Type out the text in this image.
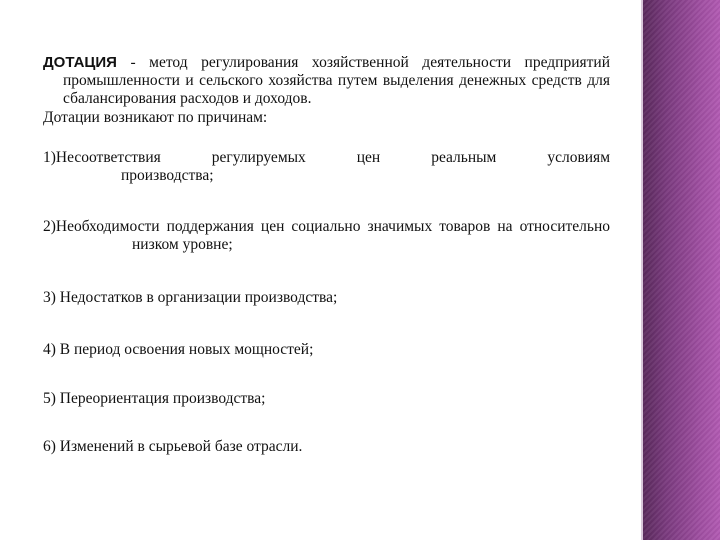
ДОТАЦИЯ - метод регулирования хозяйственной деятельности предприятий промышленности и сельского хозяйства путем выделения денежных средств для сбалансирования расходов и доходов.

Дотации возникают по причинам:

1)Несоответствия регулируемых цен реальным условиям
производства;

2)Необходимости поддержания цен социально значимых товаров на относительно низком уровне;

3) Недостатков в организации производства;

4) В период освоения новых мощностей;

5) Переориентация производства;

6) Изменений в сырьевой базе отрасли.
